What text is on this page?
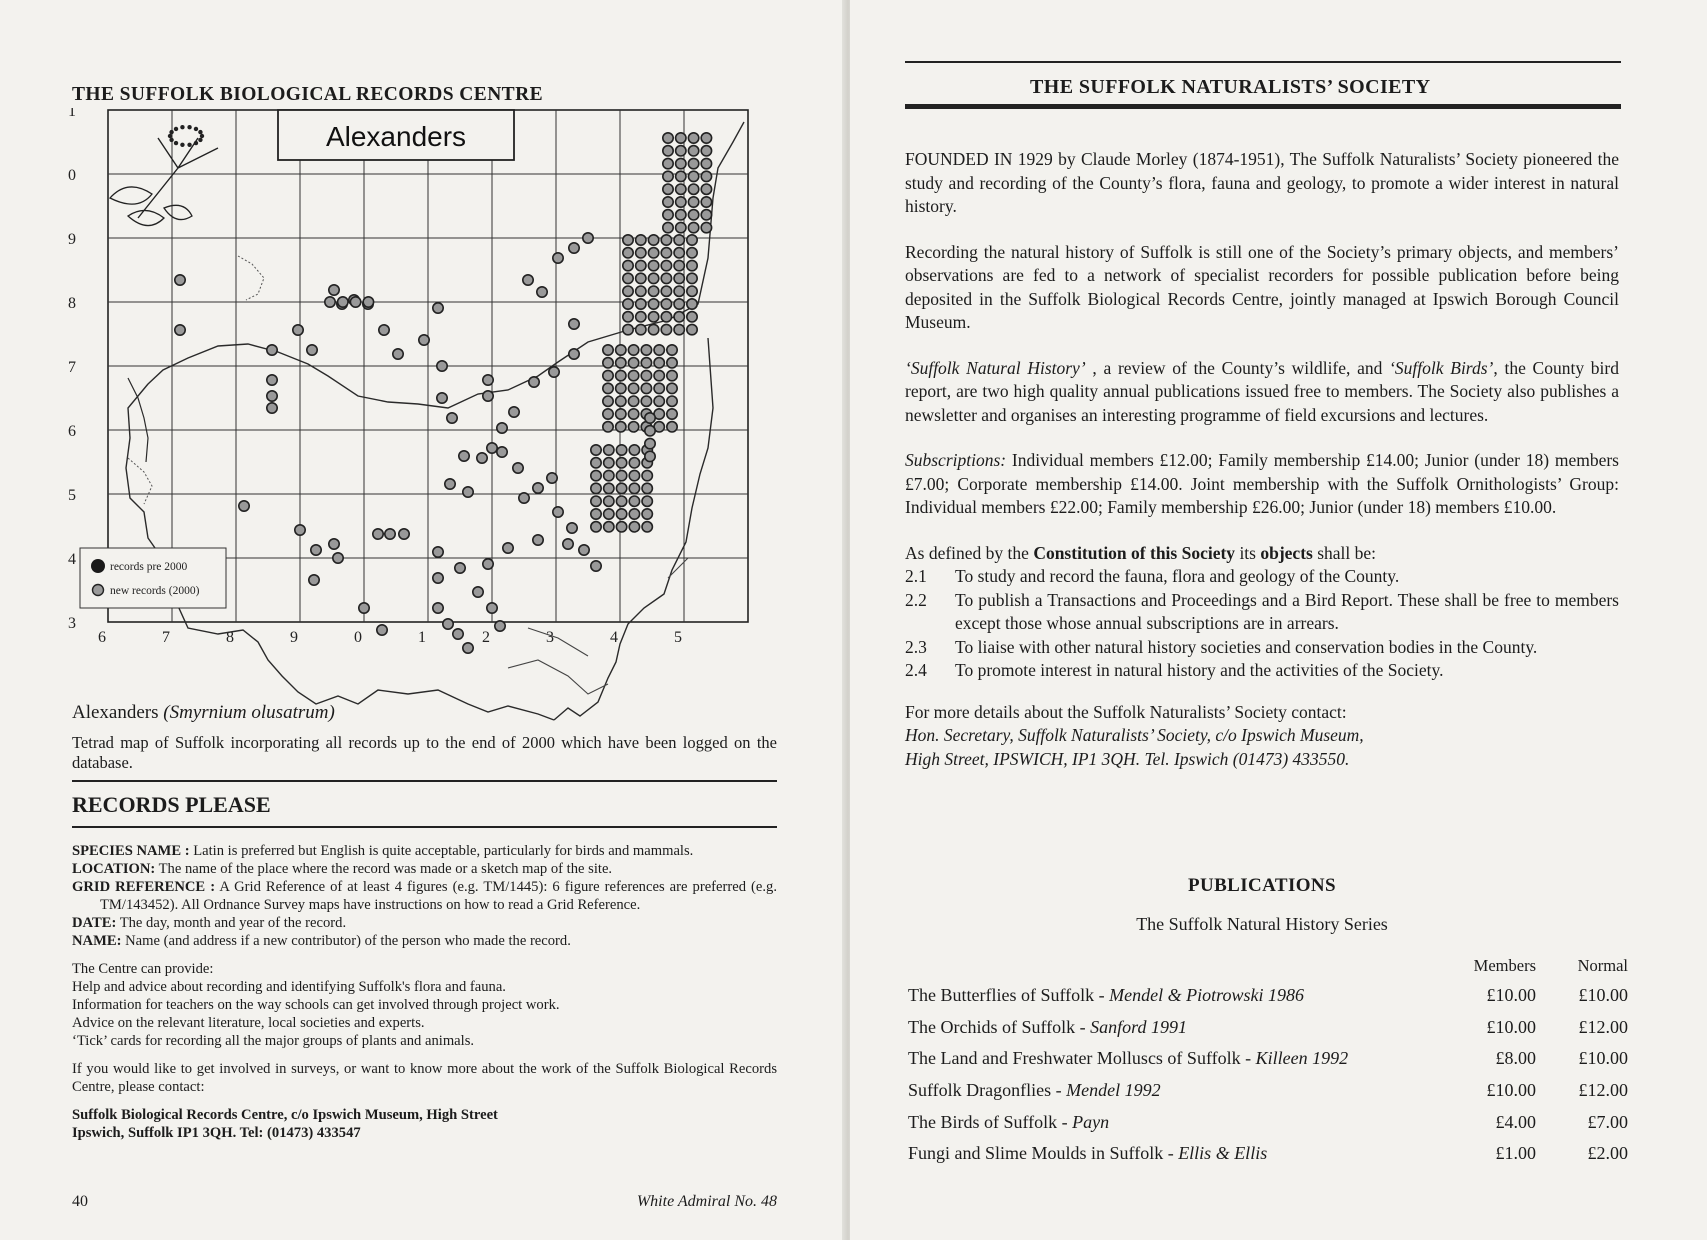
THE SUFFOLK BIOLOGICAL RECORDS CENTRE
1
0
9
8
7
6
5
4
3
6	7	8	9	0	1	2	3	4	5
Alexanders
records pre 2000
new records (2000)
Alexanders (Smyrnium olusatrum)
Tetrad map of Suffolk incorporating all records up to the end of 2000 which have been logged on the database.
RECORDS PLEASE

SPECIES NAME : Latin is preferred but English is quite acceptable, particularly for birds and mammals.

LOCATION: The name of the place where the record was made or a sketch map of the site.

GRID REFERENCE : A Grid Reference of at least 4 figures (e.g. TM/1445): 6 figure references are preferred (e.g. TM/143452). All Ordnance Survey maps have instructions on how to read a Grid Reference.

DATE: The day, month and year of the record.

NAME: Name (and address if a new contributor) of the person who made the record.

The Centre can provide:

Help and advice about recording and identifying Suffolk's flora and fauna.

Information for teachers on the way schools can get involved through project work.

Advice on the relevant literature, local societies and experts.

‘Tick’ cards for recording all the major groups of plants and animals.

If you would like to get involved in surveys, or want to know more about the work of the Suffolk Biological Records Centre, please contact:

Suffolk Biological Records Centre, c/o Ipswich Museum, High Street

Ipswich, Suffolk IP1 3QH. Tel: (01473) 433547

40	White Admiral No. 48
THE SUFFOLK NATURALISTS’ SOCIETY

FOUNDED IN 1929 by Claude Morley (1874-1951), The Suffolk Naturalists’ Society pioneered the study and recording of the County’s flora, fauna and geology, to promote a wider interest in natural history.

Recording the natural history of Suffolk is still one of the Society’s primary objects, and members’ observations are fed to a network of specialist recorders for possible publication before being deposited in the Suffolk Biological Records Centre, jointly managed at Ipswich Borough Council Museum.

‘Suffolk Natural History’ , a review of the County’s wildlife, and ‘Suffolk Birds’, the County bird report, are two high quality annual publications issued free to members. The Society also publishes a newsletter and organises an interesting programme of field excursions and lectures.

Subscriptions: Individual members £12.00; Family membership £14.00; Junior (under 18) members £7.00; Corporate membership £14.00. Joint membership with the Suffolk Ornithologists’ Group: Individual members £22.00; Family membership £26.00; Junior (under 18) members £10.00.

As defined by the Constitution of this Society its objects shall be:
2.1	To study and record the fauna, flora and geology of the County.
2.2	To publish a Transactions and Proceedings and a Bird Report. These shall be free to members except those whose annual subscriptions are in arrears.
2.3	To liaise with other natural history societies and conservation bodies in the County.
2.4	To promote interest in natural history and the activities of the Society.
For more details about the Suffolk Naturalists’ Society contact:
Hon. Secretary, Suffolk Naturalists’ Society, c/o Ipswich Museum,
High Street, IPSWICH, IP1 3QH. Tel. Ipswich (01473) 433550.
PUBLICATIONS
The Suffolk Natural History Series
	Members	Normal
The Butterflies of Suffolk - Mendel & Piotrowski 1986	£10.00	£10.00
The Orchids of Suffolk - Sanford 1991	£10.00	£12.00
The Land and Freshwater Molluscs of Suffolk - Killeen 1992	£8.00	£10.00
Suffolk Dragonflies - Mendel 1992	£10.00	£12.00
The Birds of Suffolk - Payn	£4.00	£7.00
Fungi and Slime Moulds in Suffolk - Ellis & Ellis	£1.00	£2.00
